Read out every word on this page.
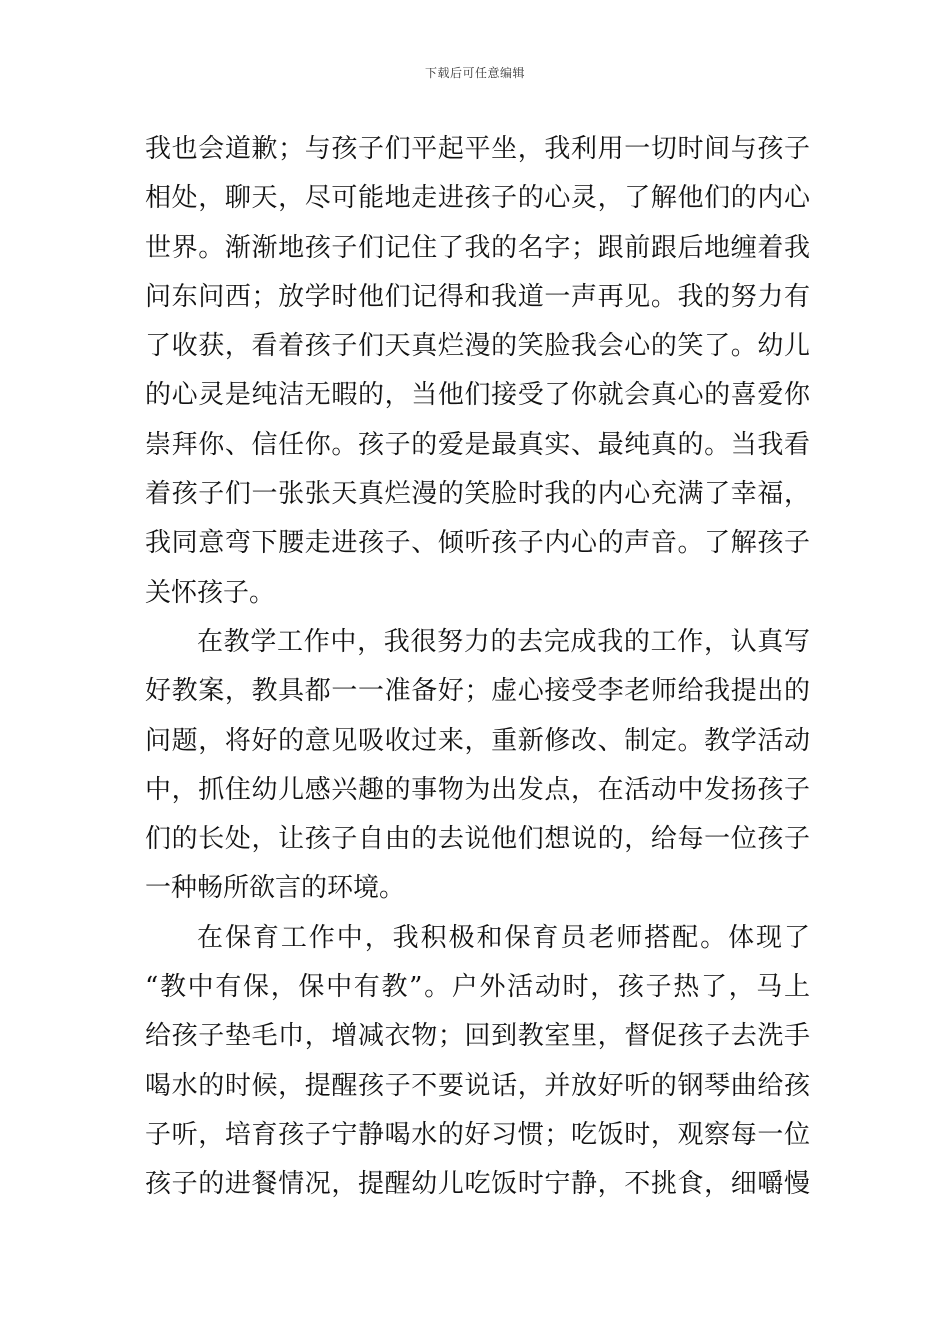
下载后可任意编辑
我也会道歉；与孩子们平起平坐，我利用一切时间与孩子
相处，聊天，尽可能地走进孩子的心灵，了解他们的内心
世界。渐渐地孩子们记住了我的名字；跟前跟后地缠着我
问东问西；放学时他们记得和我道一声再见。我的努力有
了收获，看着孩子们天真烂漫的笑脸我会心的笑了。幼儿
的心灵是纯洁无暇的，当他们接受了你就会真心的喜爱你
崇拜你、信任你。孩子的爱是最真实、最纯真的。当我看
着孩子们一张张天真烂漫的笑脸时我的内心充满了幸福，
我同意弯下腰走进孩子、倾听孩子内心的声音。了解孩子
关怀孩子。
在教学工作中，我很努力的去完成我的工作，认真写
好教案，教具都一一准备好；虚心接受李老师给我提出的
问题，将好的意见吸收过来，重新修改、制定。教学活动
中，抓住幼儿感兴趣的事物为出发点，在活动中发扬孩子
们的长处，让孩子自由的去说他们想说的，给每一位孩子
一种畅所欲言的环境。
在保育工作中，我积极和保育员老师搭配。体现了
“教中有保，保中有教”。户外活动时，孩子热了，马上
给孩子垫毛巾，增减衣物；回到教室里，督促孩子去洗手
喝水的时候，提醒孩子不要说话，并放好听的钢琴曲给孩
子听，培育孩子宁静喝水的好习惯；吃饭时，观察每一位
孩子的进餐情况，提醒幼儿吃饭时宁静，不挑食，细嚼慢
